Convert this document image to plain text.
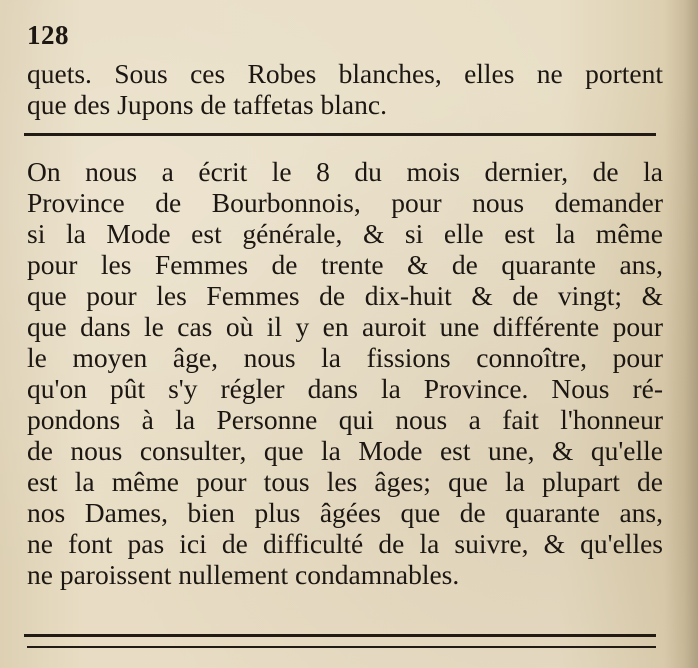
128
quets. Sous ces Robes blanches, elles ne portent
que des Jupons de taffetas blanc.
On nous a écrit le 8 du mois dernier, de la
Province de Bourbonnois, pour nous demander
si la Mode est générale, & si elle est la même
pour les Femmes de trente & de quarante ans,
que pour les Femmes de dix-huit & de vingt; &
que dans le cas où il y en auroit une différente pour
le moyen âge, nous la fissions connoître, pour
qu'on pût s'y régler dans la Province. Nous ré-
pondons à la Personne qui nous a fait l'honneur
de nous consulter, que la Mode est une, & qu'elle
est la même pour tous les âges; que la plupart de
nos Dames, bien plus âgées que de quarante ans,
ne font pas ici de difficulté de la suivre, & qu'elles
ne paroissent nullement condamnables.
